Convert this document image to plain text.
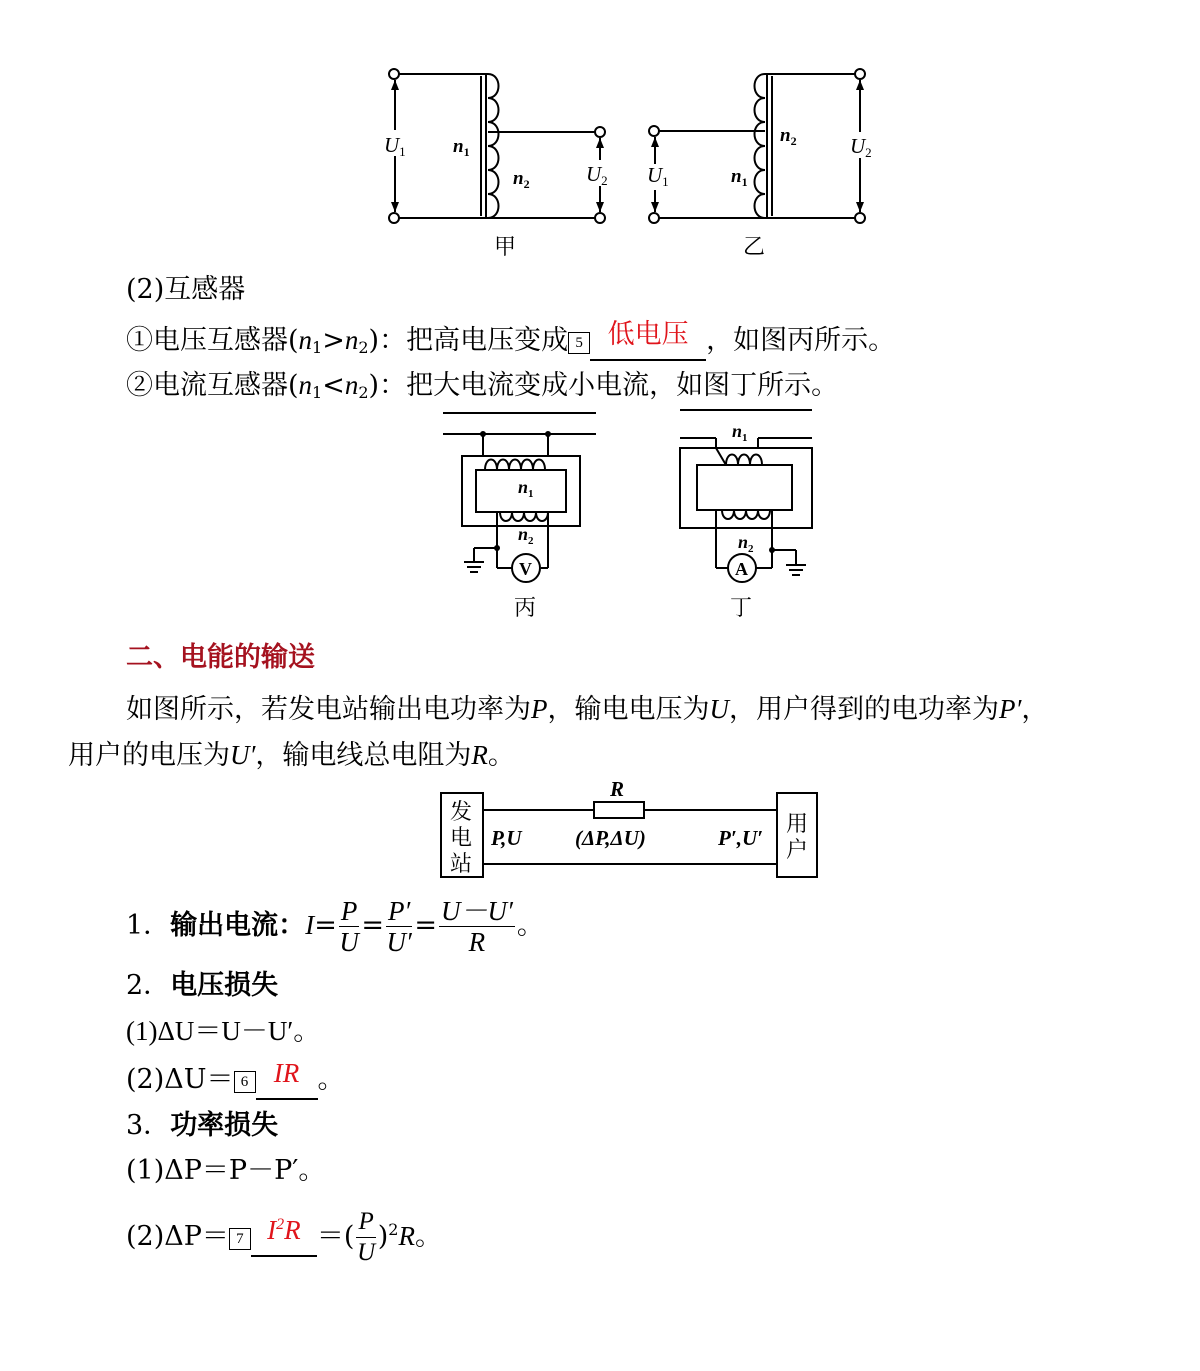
U1 $n_1$
$n_2$	U2 U1	$n_1$
$n_2$	U2
甲	乙
(2)互感器
①电压互感器$(n_1>n_2)$：把高电压变成 5 低电压 ，如图丙所示。
②电流互感器$(n_1<n_2)$：把大电流变成小电流，如图丁所示。
$n_1$
$n_2$
V
丙
$n_1$
$n_2$
A
丁
二、电能的输送
如图所示，若发电站输出电功率为P，输电电压为U，用户得到的电功率为P′，
用户的电压为U′，输电线总电阻为R。
发
电
站
用
户
R
P,U	(ΔP,ΔU)	P′,U′
1．输出电流：$I= \frac{P}{U} = \frac{P'}{U'} = \frac{U-U'}{R}$ 。
2．电压损失
(1)ΔU＝U－U′。
(2)ΔU＝ 6 IR 。
3．功率损失
(1)ΔP＝P－P′。
(2)ΔP＝ 7 $I^2R$ ＝( $\frac{P}{U} )^2R$。
